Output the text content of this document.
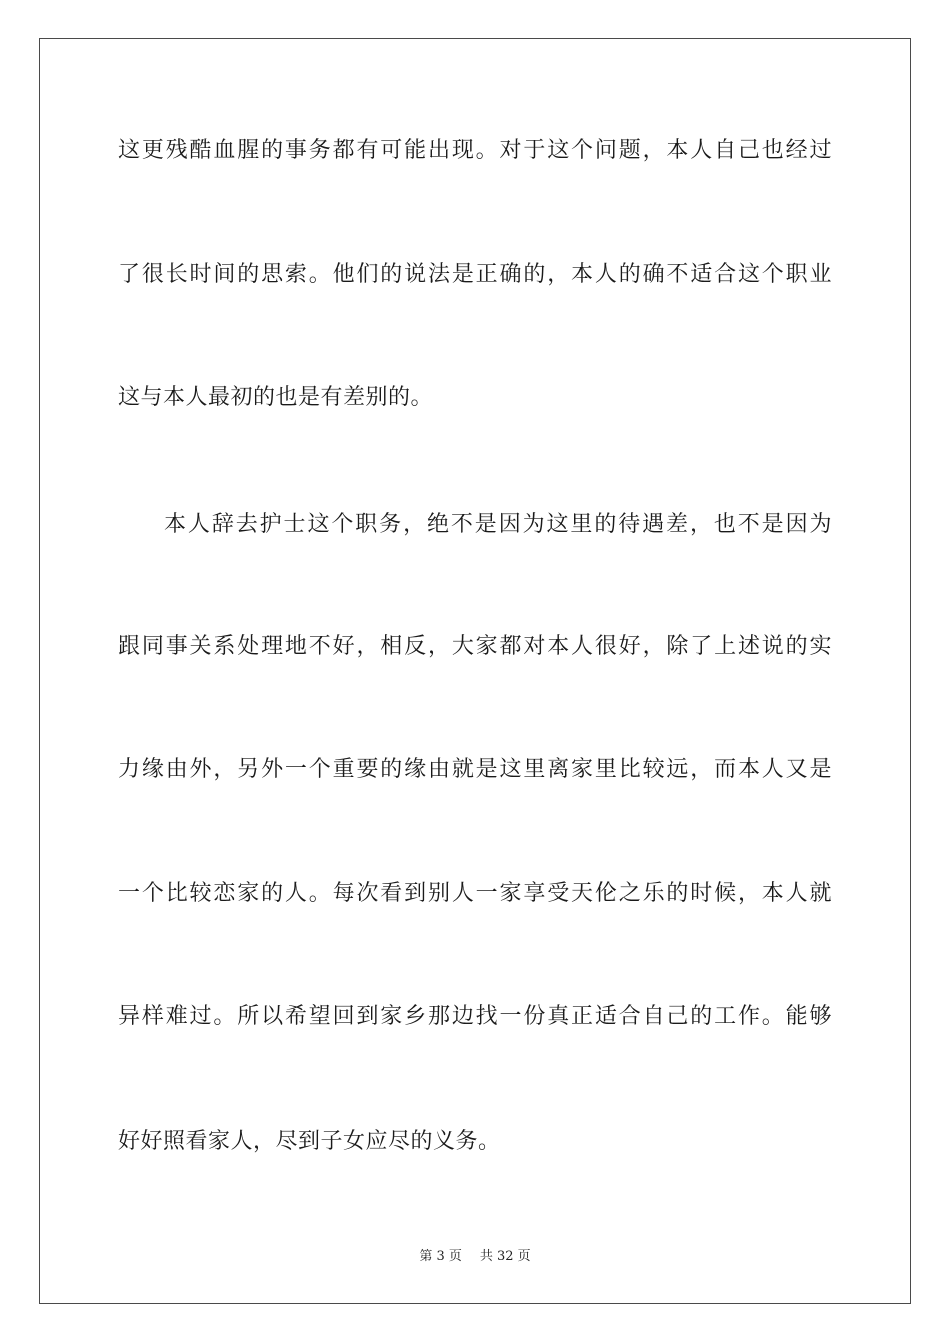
这更残酷血腥的事务都有可能出现。对于这个问题，本人自己也经过
了很长时间的思索。他们的说法是正确的，本人的确不适合这个职业
这与本人最初的也是有差别的。
本人辞去护士这个职务，绝不是因为这里的待遇差，也不是因为
跟同事关系处理地不好，相反，大家都对本人很好，除了上述说的实
力缘由外，另外一个重要的缘由就是这里离家里比较远，而本人又是
一个比较恋家的人。每次看到别人一家享受天伦之乐的时候，本人就
异样难过。所以希望回到家乡那边找一份真正适合自己的工作。能够
好好照看家人，尽到子女应尽的义务。
第 3 页 共 32 页
